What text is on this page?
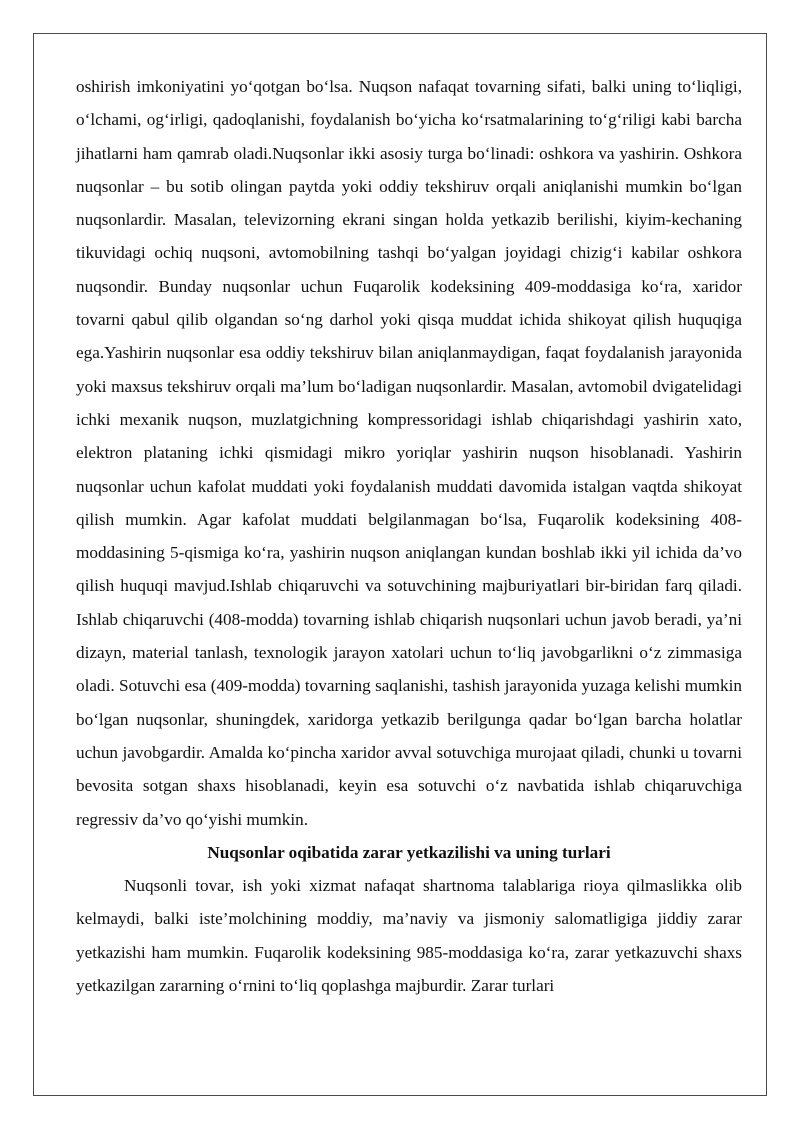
oshirish imkoniyatini yo‘qotgan bo‘lsa. Nuqson nafaqat tovarning sifati, balki uning to‘liqligi, o‘lchami, og‘irligi, qadoqlanishi, foydalanish bo‘yicha ko‘rsatmalarining to‘g‘riligi kabi barcha jihatlarni ham qamrab oladi.Nuqsonlar ikki asosiy turga bo‘linadi: oshkora va yashirin. Oshkora nuqsonlar – bu sotib olingan paytda yoki oddiy tekshiruv orqali aniqlanishi mumkin bo‘lgan nuqsonlardir. Masalan, televizorning ekrani singan holda yetkazib berilishi, kiyim-kechaning tikuvidagi ochiq nuqsoni, avtomobilning tashqi bo‘yalgan joyidagi chizig‘i kabilar oshkora nuqsondir. Bunday nuqsonlar uchun Fuqarolik kodeksining 409-moddasiga ko‘ra, xaridor tovarni qabul qilib olgandan so‘ng darhol yoki qisqa muddat ichida shikoyat qilish huquqiga ega.Yashirin nuqsonlar esa oddiy tekshiruv bilan aniqlanmaydigan, faqat foydalanish jarayonida yoki maxsus tekshiruv orqali ma’lum bo‘ladigan nuqsonlardir. Masalan, avtomobil dvigatelidagi ichki mexanik nuqson, muzlatgichning kompressoridagi ishlab chiqarishdagi yashirin xato, elektron plataning ichki qismidagi mikro yoriqlar yashirin nuqson hisoblanadi. Yashirin nuqsonlar uchun kafolat muddati yoki foydalanish muddati davomida istalgan vaqtda shikoyat qilish mumkin. Agar kafolat muddati belgilanmagan bo‘lsa, Fuqarolik kodeksining 408-moddasining 5-qismiga ko‘ra, yashirin nuqson aniqlangan kundan boshlab ikki yil ichida da’vo qilish huquqi mavjud.Ishlab chiqaruvchi va sotuvchining majburiyatlari bir-biridan farq qiladi. Ishlab chiqaruvchi (408-modda) tovarning ishlab chiqarish nuqsonlari uchun javob beradi, ya’ni dizayn, material tanlash, texnologik jarayon xatolari uchun to‘liq javobgarlikni o‘z zimmasiga oladi. Sotuvchi esa (409-modda) tovarning saqlanishi, tashish jarayonida yuzaga kelishi mumkin bo‘lgan nuqsonlar, shuningdek, xaridorga yetkazib berilgunga qadar bo‘lgan barcha holatlar uchun javobgardir. Amalda ko‘pincha xaridor avval sotuvchiga murojaat qiladi, chunki u tovarni bevosita sotgan shaxs hisoblanadi, keyin esa sotuvchi o‘z navbatida ishlab chiqaruvchiga regressiv da’vo qo‘yishi mumkin.

Nuqsonlar oqibatida zarar yetkazilishi va uning turlari

Nuqsonli tovar, ish yoki xizmat nafaqat shartnoma talablariga rioya qilmaslikka olib kelmaydi, balki iste’molchining moddiy, ma’naviy va jismoniy salomatligiga jiddiy zarar yetkazishi ham mumkin. Fuqarolik kodeksining 985-moddasiga ko‘ra, zarar yetkazuvchi shaxs yetkazilgan zararning o‘rnini to‘liq qoplashga majburdir. Zarar turlari
